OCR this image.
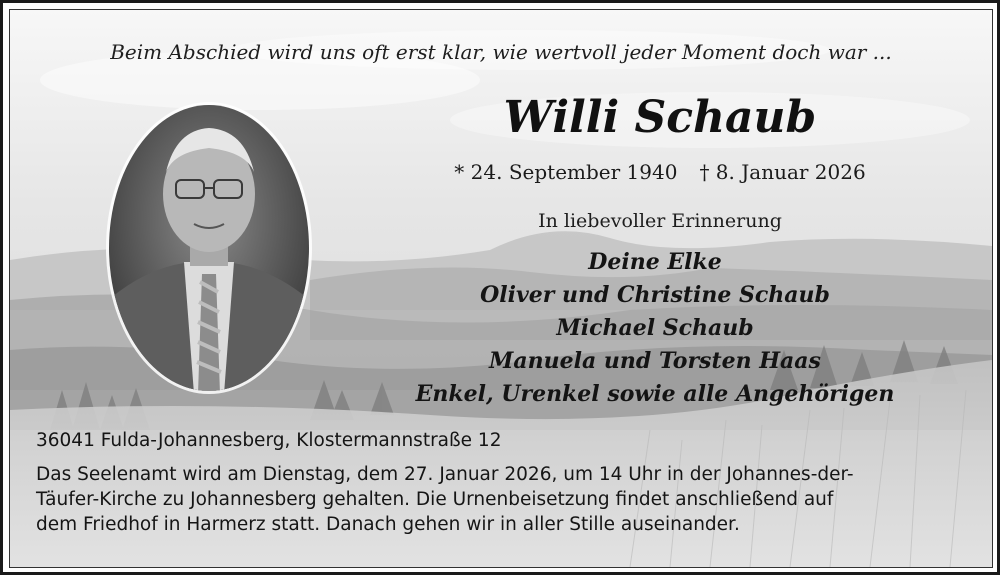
Beim Abschied wird uns oft erst klar, wie wertvoll jeder Moment doch war ...
Willi Schaub
* 24. September 1940 † 8. Januar 2026
In liebevoller Erinnerung
Deine Elke
Oliver und Christine Schaub
Michael Schaub
Manuela und Torsten Haas
Enkel, Urenkel sowie alle Angehörigen
36041 Fulda-Johannesberg, Klostermannstraße 12
Das Seelenamt wird am Dienstag, dem 27. Januar 2026, um 14 Uhr in der Johannes-der-
Täufer-Kirche zu Johannesberg gehalten. Die Urnenbeisetzung findet anschließend auf
dem Friedhof in Harmerz statt. Danach gehen wir in aller Stille auseinander.
